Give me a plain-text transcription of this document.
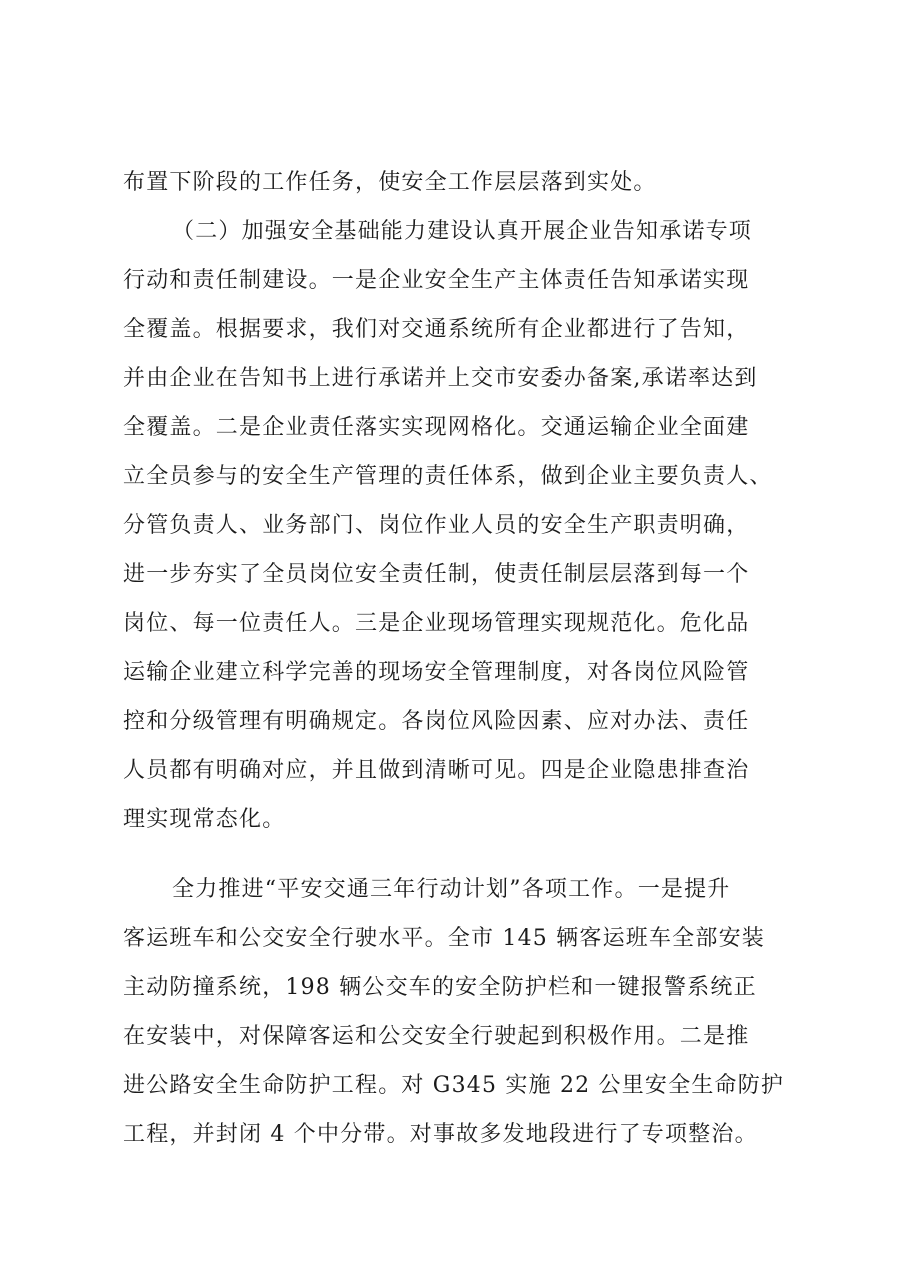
布置下阶段的工作任务，使安全工作层层落到实处。
（二）加强安全基础能力建设认真开展企业告知承诺专项
行动和责任制建设。一是企业安全生产主体责任告知承诺实现
全覆盖。根据要求，我们对交通系统所有企业都进行了告知，
并由企业在告知书上进行承诺并上交市安委办备案,承诺率达到
全覆盖。二是企业责任落实实现网格化。交通运输企业全面建
立全员参与的安全生产管理的责任体系，做到企业主要负责人、
分管负责人、业务部门、岗位作业人员的安全生产职责明确，
进一步夯实了全员岗位安全责任制，使责任制层层落到每一个
岗位、每一位责任人。三是企业现场管理实现规范化。危化品
运输企业建立科学完善的现场安全管理制度，对各岗位风险管
控和分级管理有明确规定。各岗位风险因素、应对办法、责任
人员都有明确对应，并且做到清晰可见。四是企业隐患排查治
理实现常态化。
全力推进“平安交通三年行动计划”各项工作。一是提升
客运班车和公交安全行驶水平。全市 145 辆客运班车全部安装
主动防撞系统，198 辆公交车的安全防护栏和一键报警系统正
在安装中，对保障客运和公交安全行驶起到积极作用。二是推
进公路安全生命防护工程。对 G345 实施 22 公里安全生命防护
工程，并封闭 4 个中分带。对事故多发地段进行了专项整治。
